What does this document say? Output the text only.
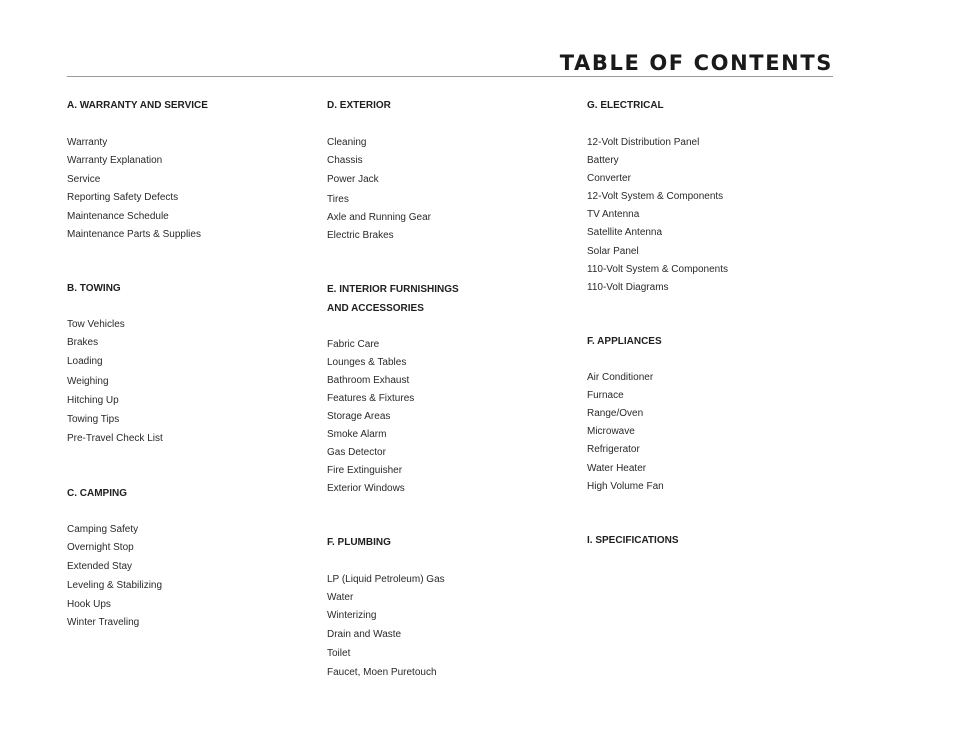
TABLE OF CONTENTS
A. WARRANTY AND SERVICE
Warranty
Warranty Explanation
Service
Reporting Safety Defects
Maintenance Schedule
Maintenance Parts & Supplies
B. TOWING
Tow Vehicles
Brakes
Loading
Weighing
Hitching Up
Towing Tips
Pre-Travel Check List
C. CAMPING
Camping Safety
Overnight Stop
Extended Stay
Leveling & Stabilizing
Hook Ups
Winter Traveling
D. EXTERIOR
Cleaning
Chassis
Power Jack
Tires
Axle and Running Gear
Electric Brakes
E. INTERIOR FURNISHINGS
AND ACCESSORIES
Fabric Care
Lounges & Tables
Bathroom Exhaust
Features & Fixtures
Storage Areas
Smoke Alarm
Gas Detector
Fire Extinguisher
Exterior Windows
F. PLUMBING
LP (Liquid Petroleum) Gas
Water
Winterizing
Drain and Waste
Toilet
Faucet, Moen Puretouch
G. ELECTRICAL
12-Volt Distribution Panel
Battery
Converter
12-Volt System & Components
TV Antenna
Satellite Antenna
Solar Panel
110-Volt System & Components
110-Volt Diagrams
F. APPLIANCES
Air Conditioner
Furnace
Range/Oven
Microwave
Refrigerator
Water Heater
High Volume Fan
I. SPECIFICATIONS
